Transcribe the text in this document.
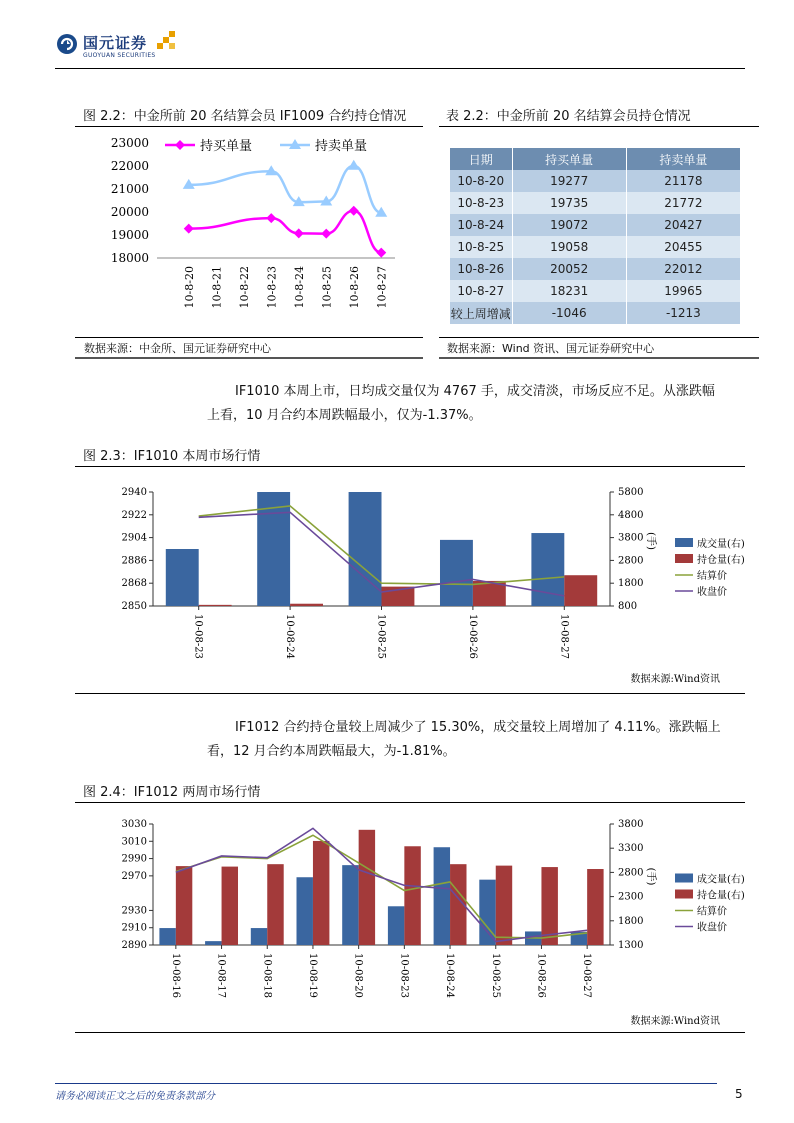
国元证券
GUOYUAN SECURITIES
图 2.2：中金所前 20 名结算会员 IF1009 合约持仓情况
18000
19000
20000
21000
22000
23000
10-8-20 10-8-21 10-8-22 10-8-23 10-8-24 10-8-25 10-8-26 10-8-27
持买单量	持卖单量
数据来源：中金所、国元证券研究中心
表 2.2：中金所前 20 名结算会员持仓情况
日期	持买单量	持卖单量
10-8-20	19277	21178
10-8-23	19735	21772
10-8-24	19072	20427
10-8-25	19058	20455
10-8-26	20052	22012
10-8-27	18231	19965
较上周增减	-1046	-1213
数据来源：Wind 资讯、国元证券研究中心
IF1010 本周上市，日均成交量仅为 4767 手，成交清淡，市场反应不足。从涨跌幅
上看，10 月合约本周跌幅最小，仅为-1.37%。
图 2.3：IF1010 本周市场行情
2850
2868
2886
2904
2922
2940
800
1800
2800
3800
4800
5800
(手)
10-08-23	10-08-24	10-08-25	10-08-26	10-08-27
成交量(右)
持仓量(右)
结算价
收盘价
数据来源:Wind资讯
IF1012 合约持仓量较上周减少了 15.30%，成交量较上周增加了 4.11%。涨跌幅上
看，12 月合约本周跌幅最大，为-1.81%。
图 2.4：IF1012 两周市场行情
2890
2910
2930
2970
2990
3010
3030
1300
1800
2300
2800
3300
3800
(手)
10-08-16	10-08-17	10-08-18	10-08-19	10-08-20	10-08-23	10-08-24	10-08-25	10-08-26	10-08-27
成交量(右)
持仓量(右)
结算价
收盘价
数据来源:Wind资讯
请务必阅读正文之后的免责条款部分	5
